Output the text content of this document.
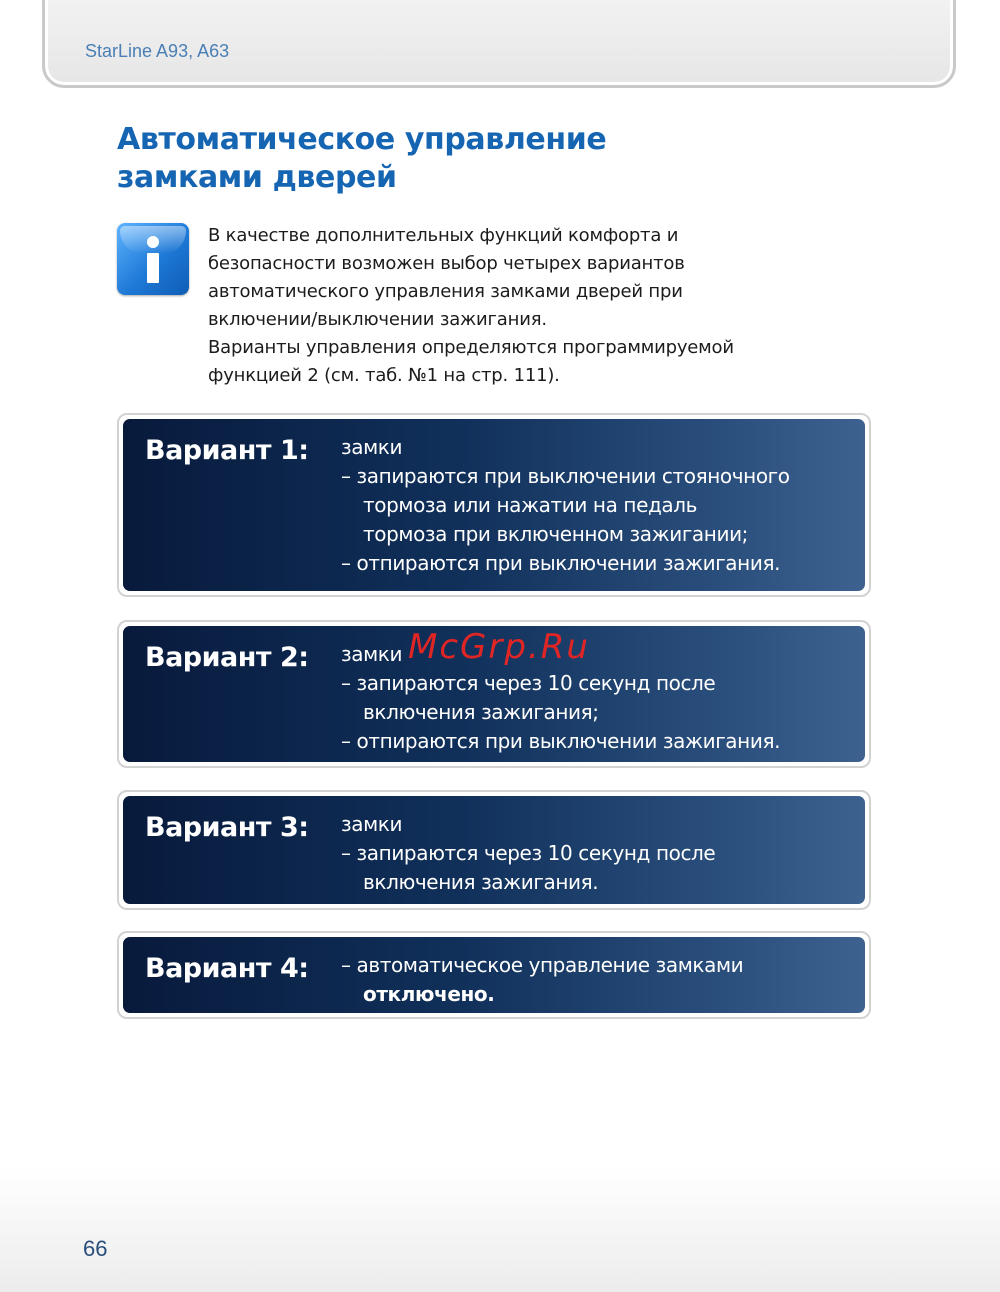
StarLine A93, A63
Автоматическое управление
замками дверей

В качестве дополнительных функций комфорта и

безопасности возможен выбор четырех вариантов

автоматического управления замками дверей при

включении/выключении зажигания.

Варианты управления определяются программируемой

функцией 2 (см. таб. №1 на стр. 111).

Вариант 1: замки
– запираются при выключении стояночного
тормоза или нажатии на педаль
тормоза при включенном зажигании;
– отпираются при выключении зажигания.
Вариант 2: замки
– запираются через 10 секунд после
включения зажигания;
– отпираются при выключении зажигания.
Вариант 3: замки
– запираются через 10 секунд после
включения зажигания.
Вариант 4: – автоматическое управление замками
отключено.
McGrp.Ru
66
